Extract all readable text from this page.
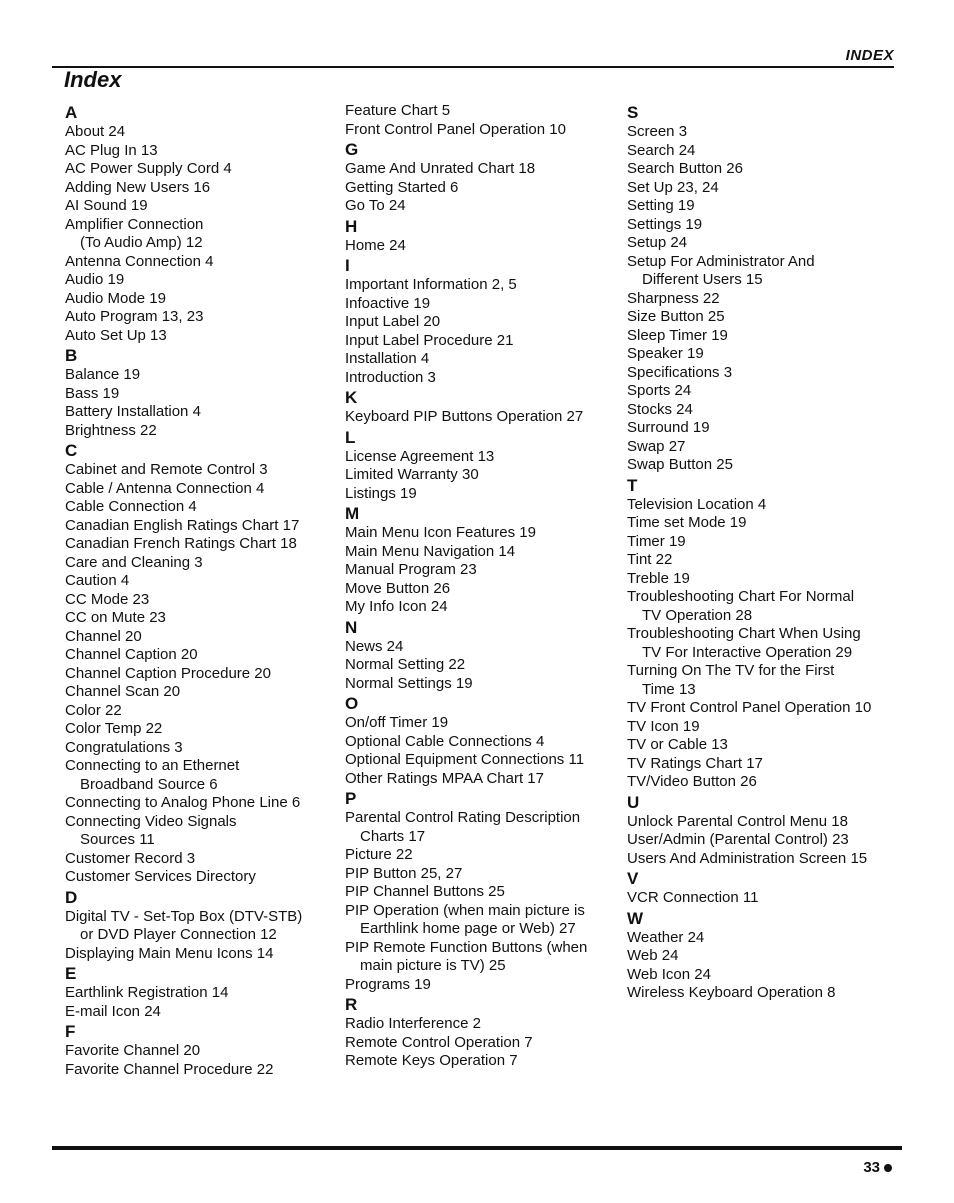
INDEX
Index
A
About 24
AC Plug In 13
AC Power Supply Cord 4
Adding New Users 16
AI Sound 19
Amplifier Connection
(To Audio Amp) 12
Antenna Connection 4
Audio 19
Audio Mode 19
Auto Program 13, 23
Auto Set Up 13
B
Balance 19
Bass 19
Battery Installation 4
Brightness 22
C
Cabinet and Remote Control 3
Cable / Antenna Connection 4
Cable Connection 4
Canadian English Ratings Chart 17
Canadian French Ratings Chart 18
Care and Cleaning 3
Caution 4
CC Mode 23
CC on Mute 23
Channel 20
Channel Caption 20
Channel Caption Procedure 20
Channel Scan 20
Color 22
Color Temp 22
Congratulations 3
Connecting to an Ethernet
Broadband Source 6
Connecting to Analog Phone Line 6
Connecting Video Signals
Sources 11
Customer Record 3
Customer Services Directory
D
Digital TV - Set-Top Box (DTV-STB)
or DVD Player Connection 12
Displaying Main Menu Icons 14
E
Earthlink Registration 14
E-mail Icon 24
F
Favorite Channel 20
Favorite Channel Procedure 22
Feature Chart 5
Front Control Panel Operation 10
G
Game And Unrated Chart 18
Getting Started 6
Go To 24
H
Home 24
I
Important Information 2, 5
Infoactive 19
Input Label 20
Input Label Procedure 21
Installation 4
Introduction 3
K
Keyboard PIP Buttons Operation 27
L
License Agreement 13
Limited Warranty 30
Listings 19
M
Main Menu Icon Features 19
Main Menu Navigation 14
Manual Program 23
Move Button 26
My Info Icon 24
N
News 24
Normal Setting 22
Normal Settings 19
O
On/off Timer 19
Optional Cable Connections 4
Optional Equipment Connections 11
Other Ratings MPAA Chart 17
P
Parental Control Rating Description
Charts 17
Picture 22
PIP Button 25, 27
PIP Channel Buttons 25
PIP Operation (when main picture is
Earthlink home page or Web) 27
PIP Remote Function Buttons (when
main picture is TV) 25
Programs 19
R
Radio Interference 2
Remote Control Operation 7
Remote Keys Operation 7
S
Screen 3
Search 24
Search Button 26
Set Up 23, 24
Setting 19
Settings 19
Setup 24
Setup For Administrator And
Different Users 15
Sharpness 22
Size Button 25
Sleep Timer 19
Speaker 19
Specifications 3
Sports 24
Stocks 24
Surround 19
Swap 27
Swap Button 25
T
Television Location 4
Time set Mode 19
Timer 19
Tint 22
Treble 19
Troubleshooting Chart For Normal
TV Operation 28
Troubleshooting Chart When Using
TV For Interactive Operation 29
Turning On The TV for the First
Time 13
TV Front Control Panel Operation 10
TV Icon 19
TV or Cable 13
TV Ratings Chart 17
TV/Video Button 26
U
Unlock Parental Control Menu 18
User/Admin (Parental Control) 23
Users And Administration Screen 15
V
VCR Connection 11
W
Weather 24
Web 24
Web Icon 24
Wireless Keyboard Operation 8
33
